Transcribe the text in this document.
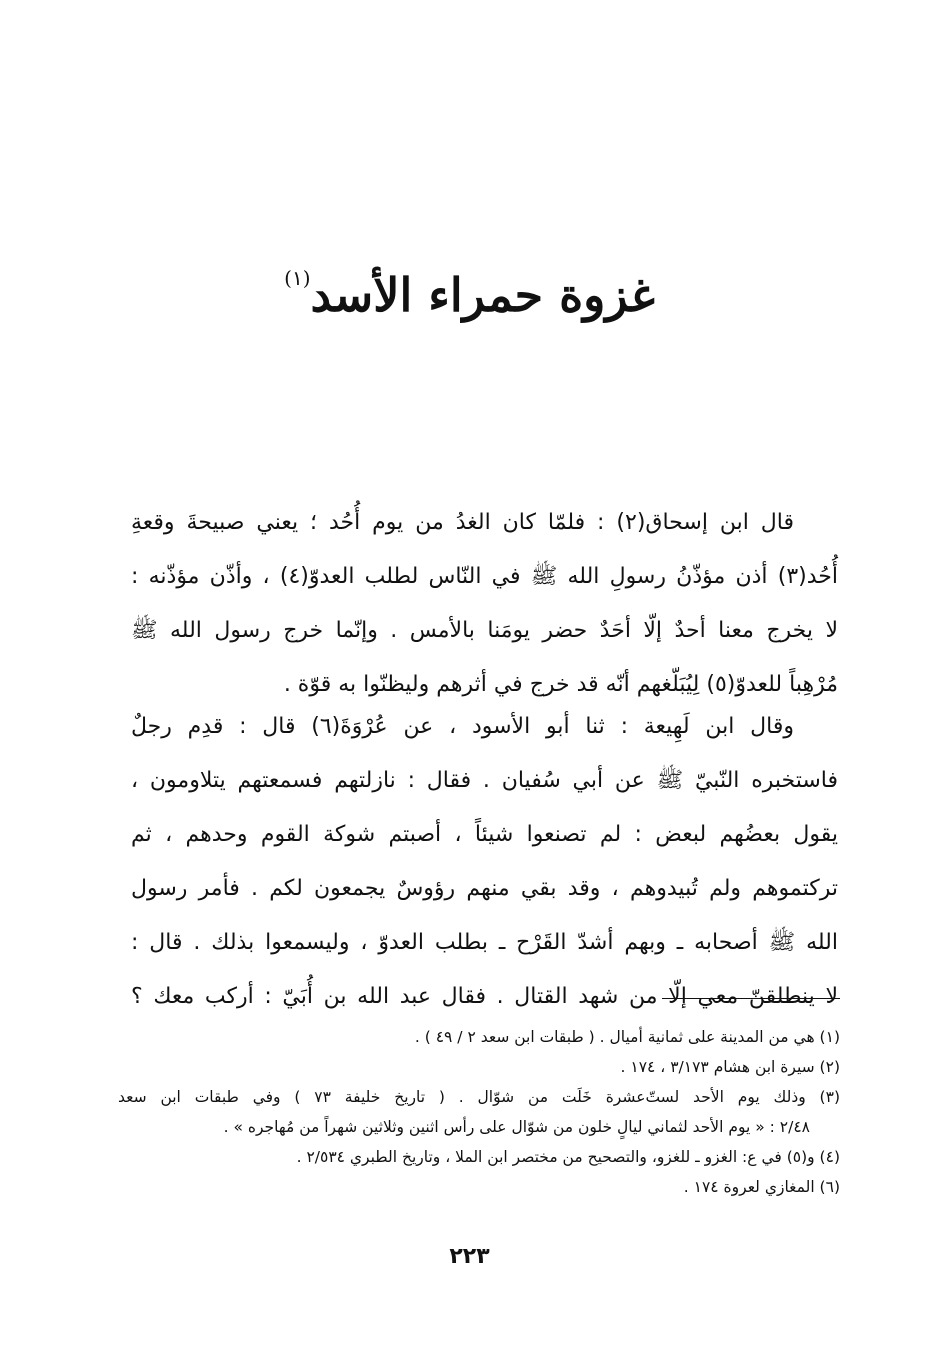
غزوة حمراء الأسد$^{(١)}$
قال ابن إسحاق(٢) : فلمّا كان الغدُ من يوم أُحُد ؛ يعني صبيحةَ وقعةِ
أُحُد(٣) أذن مؤذّنُ رسولِ الله ﷺ في النّاس لطلب العدوّ(٤) ، وأذّن مؤذّنه :
لا يخرج معنا أحدٌ إلّا أحَدٌ حضر يومَنا بالأمس . وإنّما خرج رسول الله ﷺ
مُرْهِباً للعدوّ(٥) لِيُبَلّغهم أنّه قد خرج في أثرهم وليظنّوا به قوّة .
وقال ابن لَهِيعة : ثنا أبو الأسود ، عن عُرْوَةَ(٦) قال : قدِم رجلٌ
فاستخبره النّبيّ ﷺ عن أبي سُفيان . فقال : نازلتهم فسمعتهم يتلاومون ،
يقول بعضُهم لبعض : لم تصنعوا شيئاً ، أصبتم شوكة القوم وحدهم ، ثم
تركتموهم ولم تُبيدوهم ، وقد بقي منهم رؤوسٌ يجمعون لكم . فأمر رسول
الله ﷺ أصحابه ـ وبهم أشدّ القَرْح ـ بطلب العدوّ ، وليسمعوا بذلك . قال :
لا ينطلقنّ معي إلّا من شهد القتال . فقال عبد الله بن أُبَيّ : أركب معك ؟
(١) هي من المدينة على ثمانية أميال . ( طبقات ابن سعد ٢ / ٤٩ ) .
(٢) سيرة ابن هشام ٣/١٧٣ ، ١٧٤ .
(٣) وذلك يوم الأحد لستّ‌عشرة خَلَت من شوّال . ( تاريخ خليفة ٧٣ ) وفي طبقات ابن سعد
٢/٤٨ : « يوم الأحد لثماني ليالٍ خلون من شوّال على رأس اثنين وثلاثين شهراً من مُهاجره » .
(٤) و(٥) في ع: الغزو ـ للغزو، والتصحيح من مختصر ابن الملا ، وتاريخ الطبري ٢/٥٣٤ .
(٦) المغازي لعروة ١٧٤ .
٢٢٣
